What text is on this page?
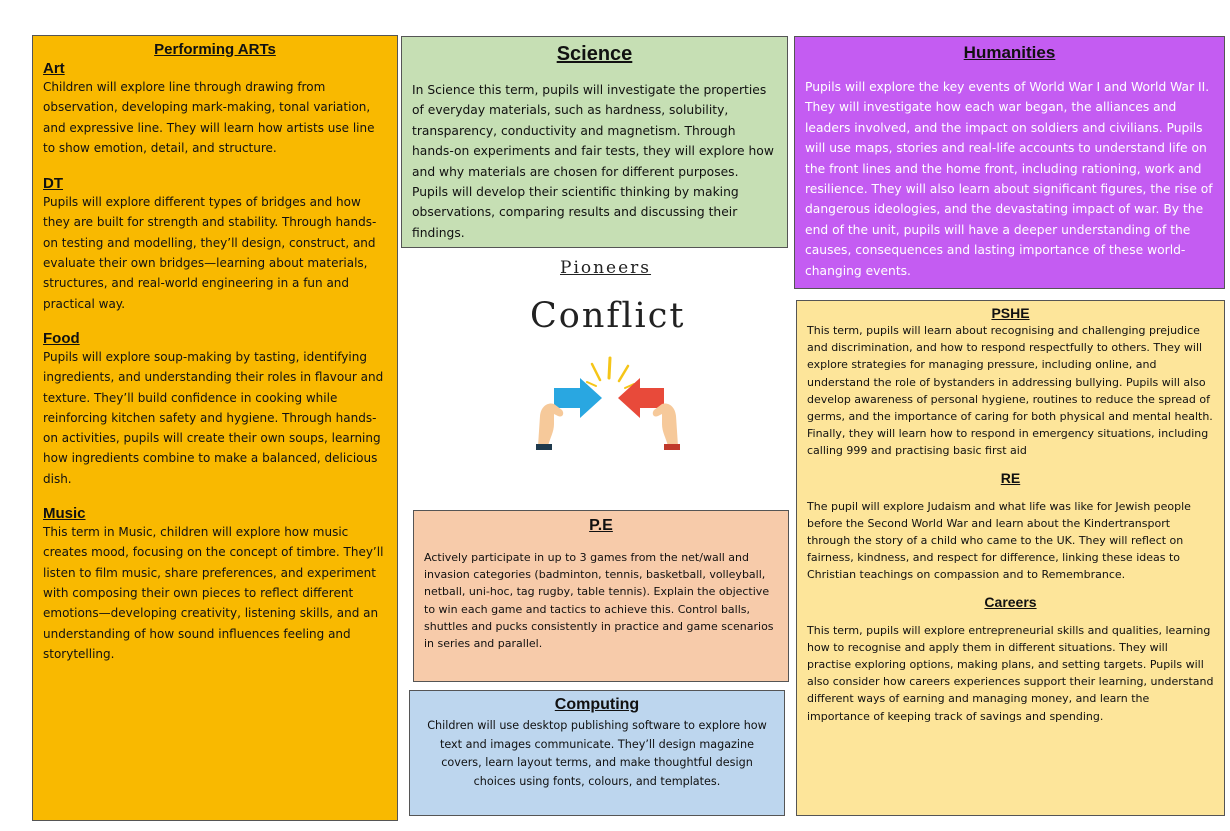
Performing ARTs
Art

Children will explore line through drawing from observation, developing mark-making, tonal variation, and expressive line. They will learn how artists use line to show emotion, detail, and structure.

DT

Pupils will explore different types of bridges and how they are built for strength and stability. Through hands-on testing and modelling, they’ll design, construct, and evaluate their own bridges—learning about materials, structures, and real-world engineering in a fun and practical way.

Food

Pupils will explore soup-making by tasting, identifying ingredients, and understanding their roles in flavour and texture. They’ll build confidence in cooking while reinforcing kitchen safety and hygiene. Through hands-on activities, pupils will create their own soups, learning how ingredients combine to make a balanced, delicious dish.

Music

This term in Music, children will explore how music creates mood, focusing on the concept of timbre. They’ll listen to film music, share preferences, and experiment with composing their own pieces to reflect different emotions—developing creativity, listening skills, and an understanding of how sound influences feeling and storytelling.

Science

In Science this term, pupils will investigate the properties of everyday materials, such as hardness, solubility, transparency, conductivity and magnetism. Through hands-on experiments and fair tests, they will explore how and why materials are chosen for different purposes. Pupils will develop their scientific thinking by making observations, comparing results and discussing their findings.

Humanities

Pupils will explore the key events of World War I and World War II. They will investigate how each war began, the alliances and leaders involved, and the impact on soldiers and civilians. Pupils will use maps, stories and real-life accounts to understand life on the front lines and the home front, including rationing, work and resilience. They will also learn about significant figures, the rise of dangerous ideologies, and the devastating impact of war. By the end of the unit, pupils will have a deeper understanding of the causes, consequences and lasting importance of these world-changing events.

Pioneers
Conflict
P.E

Actively participate in up to 3 games from the net/wall and invasion categories (badminton, tennis, basketball, volleyball, netball, uni-hoc, tag rugby, table tennis). Explain the objective to win each game and tactics to achieve this. Control balls, shuttles and pucks consistently in practice and game scenarios in series and parallel.

Computing

Children will use desktop publishing software to explore how text and images communicate. They’ll design magazine covers, learn layout terms, and make thoughtful design choices using fonts, colours, and templates.

PSHE

This term, pupils will learn about recognising and challenging prejudice and discrimination, and how to respond respectfully to others. They will explore strategies for managing pressure, including online, and understand the role of bystanders in addressing bullying. Pupils will also develop awareness of personal hygiene, routines to reduce the spread of germs, and the importance of caring for both physical and mental health. Finally, they will learn how to respond in emergency situations, including calling 999 and practising basic first aid

RE

The pupil will explore Judaism and what life was like for Jewish people before the Second World War and learn about the Kindertransport through the story of a child who came to the UK. They will reflect on fairness, kindness, and respect for difference, linking these ideas to Christian teachings on compassion and to Remembrance.

Careers

This term, pupils will explore entrepreneurial skills and qualities, learning how to recognise and apply them in different situations. They will practise exploring options, making plans, and setting targets. Pupils will also consider how careers experiences support their learning, understand different ways of earning and managing money, and learn the importance of keeping track of savings and spending.
